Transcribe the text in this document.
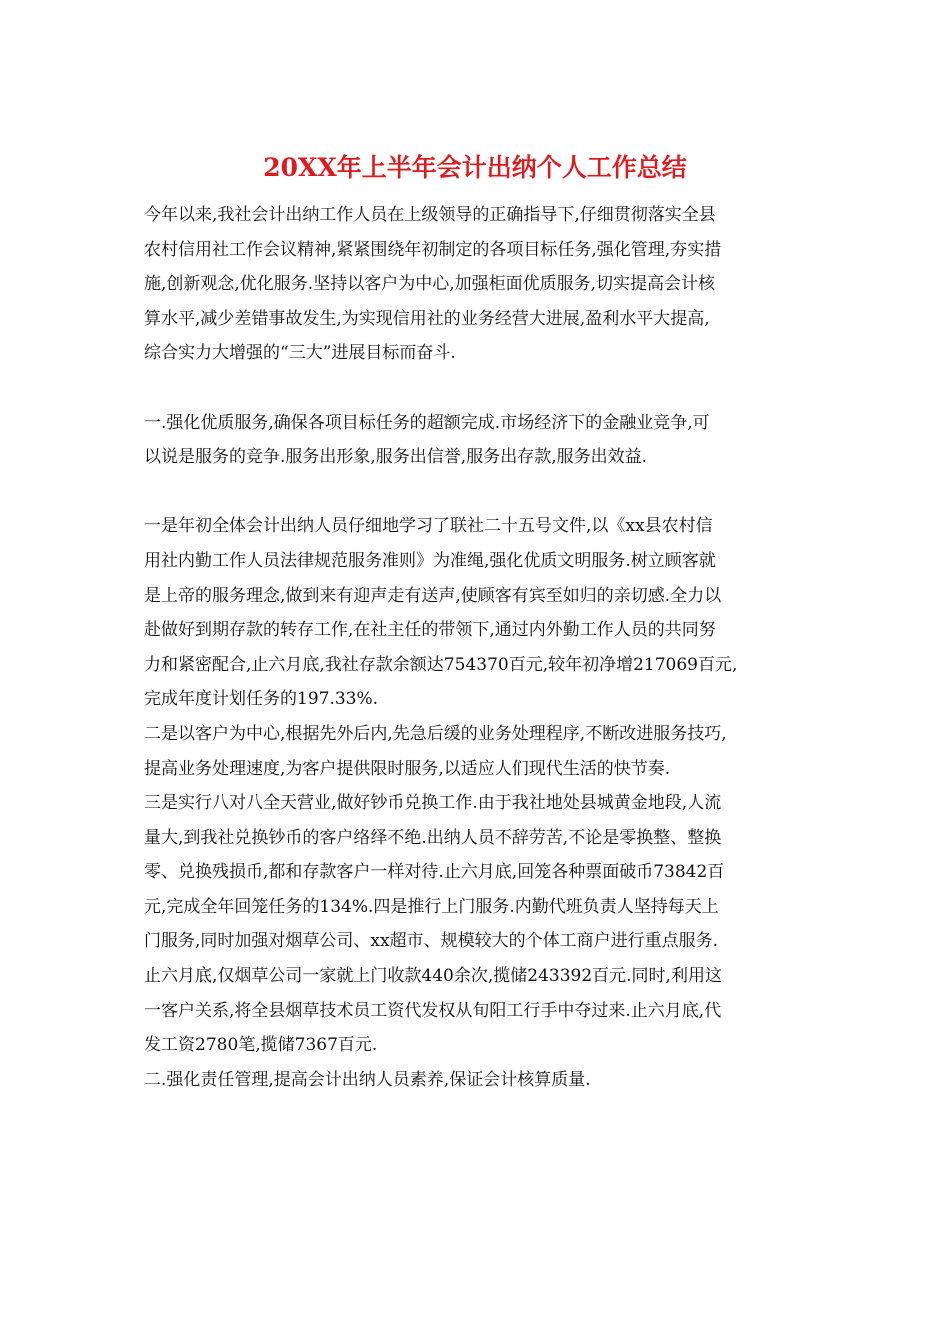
20XX年上半年会计出纳个人工作总结
今年以来,我社会计出纳工作人员在上级领导的正确指导下,仔细贯彻落实全县
农村信用社工作会议精神,紧紧围绕年初制定的各项目标任务,强化管理,夯实措
施,创新观念,优化服务.坚持以客户为中心,加强柜面优质服务,切实提高会计核
算水平,减少差错事故发生,为实现信用社的业务经营大进展,盈利水平大提高,
综合实力大增强的“三大”进展目标而奋斗.
一.强化优质服务,确保各项目标任务的超额完成.市场经济下的金融业竞争,可
以说是服务的竞争.服务出形象,服务出信誉,服务出存款,服务出效益.
一是年初全体会计出纳人员仔细地学习了联社二十五号文件,以《xx县农村信
用社内勤工作人员法律规范服务准则》为准绳,强化优质文明服务.树立顾客就
是上帝的服务理念,做到来有迎声走有送声,使顾客有宾至如归的亲切感.全力以
赴做好到期存款的转存工作,在社主任的带领下,通过内外勤工作人员的共同努
力和紧密配合,止六月底,我社存款余额达754370百元,较年初净增217069百元,
完成年度计划任务的197.33%.
二是以客户为中心,根据先外后内,先急后缓的业务处理程序,不断改进服务技巧,
提高业务处理速度,为客户提供限时服务,以适应人们现代生活的快节奏.
三是实行八对八全天营业,做好钞币兑换工作.由于我社地处县城黄金地段,人流
量大,到我社兑换钞币的客户络绎不绝.出纳人员不辞劳苦,不论是零换整、整换
零、兑换残损币,都和存款客户一样对待.止六月底,回笼各种票面破币73842百
元,完成全年回笼任务的134%.四是推行上门服务.内勤代班负责人坚持每天上
门服务,同时加强对烟草公司、xx超市、规模较大的个体工商户进行重点服务.
止六月底,仅烟草公司一家就上门收款440余次,揽储243392百元.同时,利用这
一客户关系,将全县烟草技术员工资代发权从旬阳工行手中夺过来.止六月底,代
发工资2780笔,揽储7367百元.
二.强化责任管理,提高会计出纳人员素养,保证会计核算质量.
